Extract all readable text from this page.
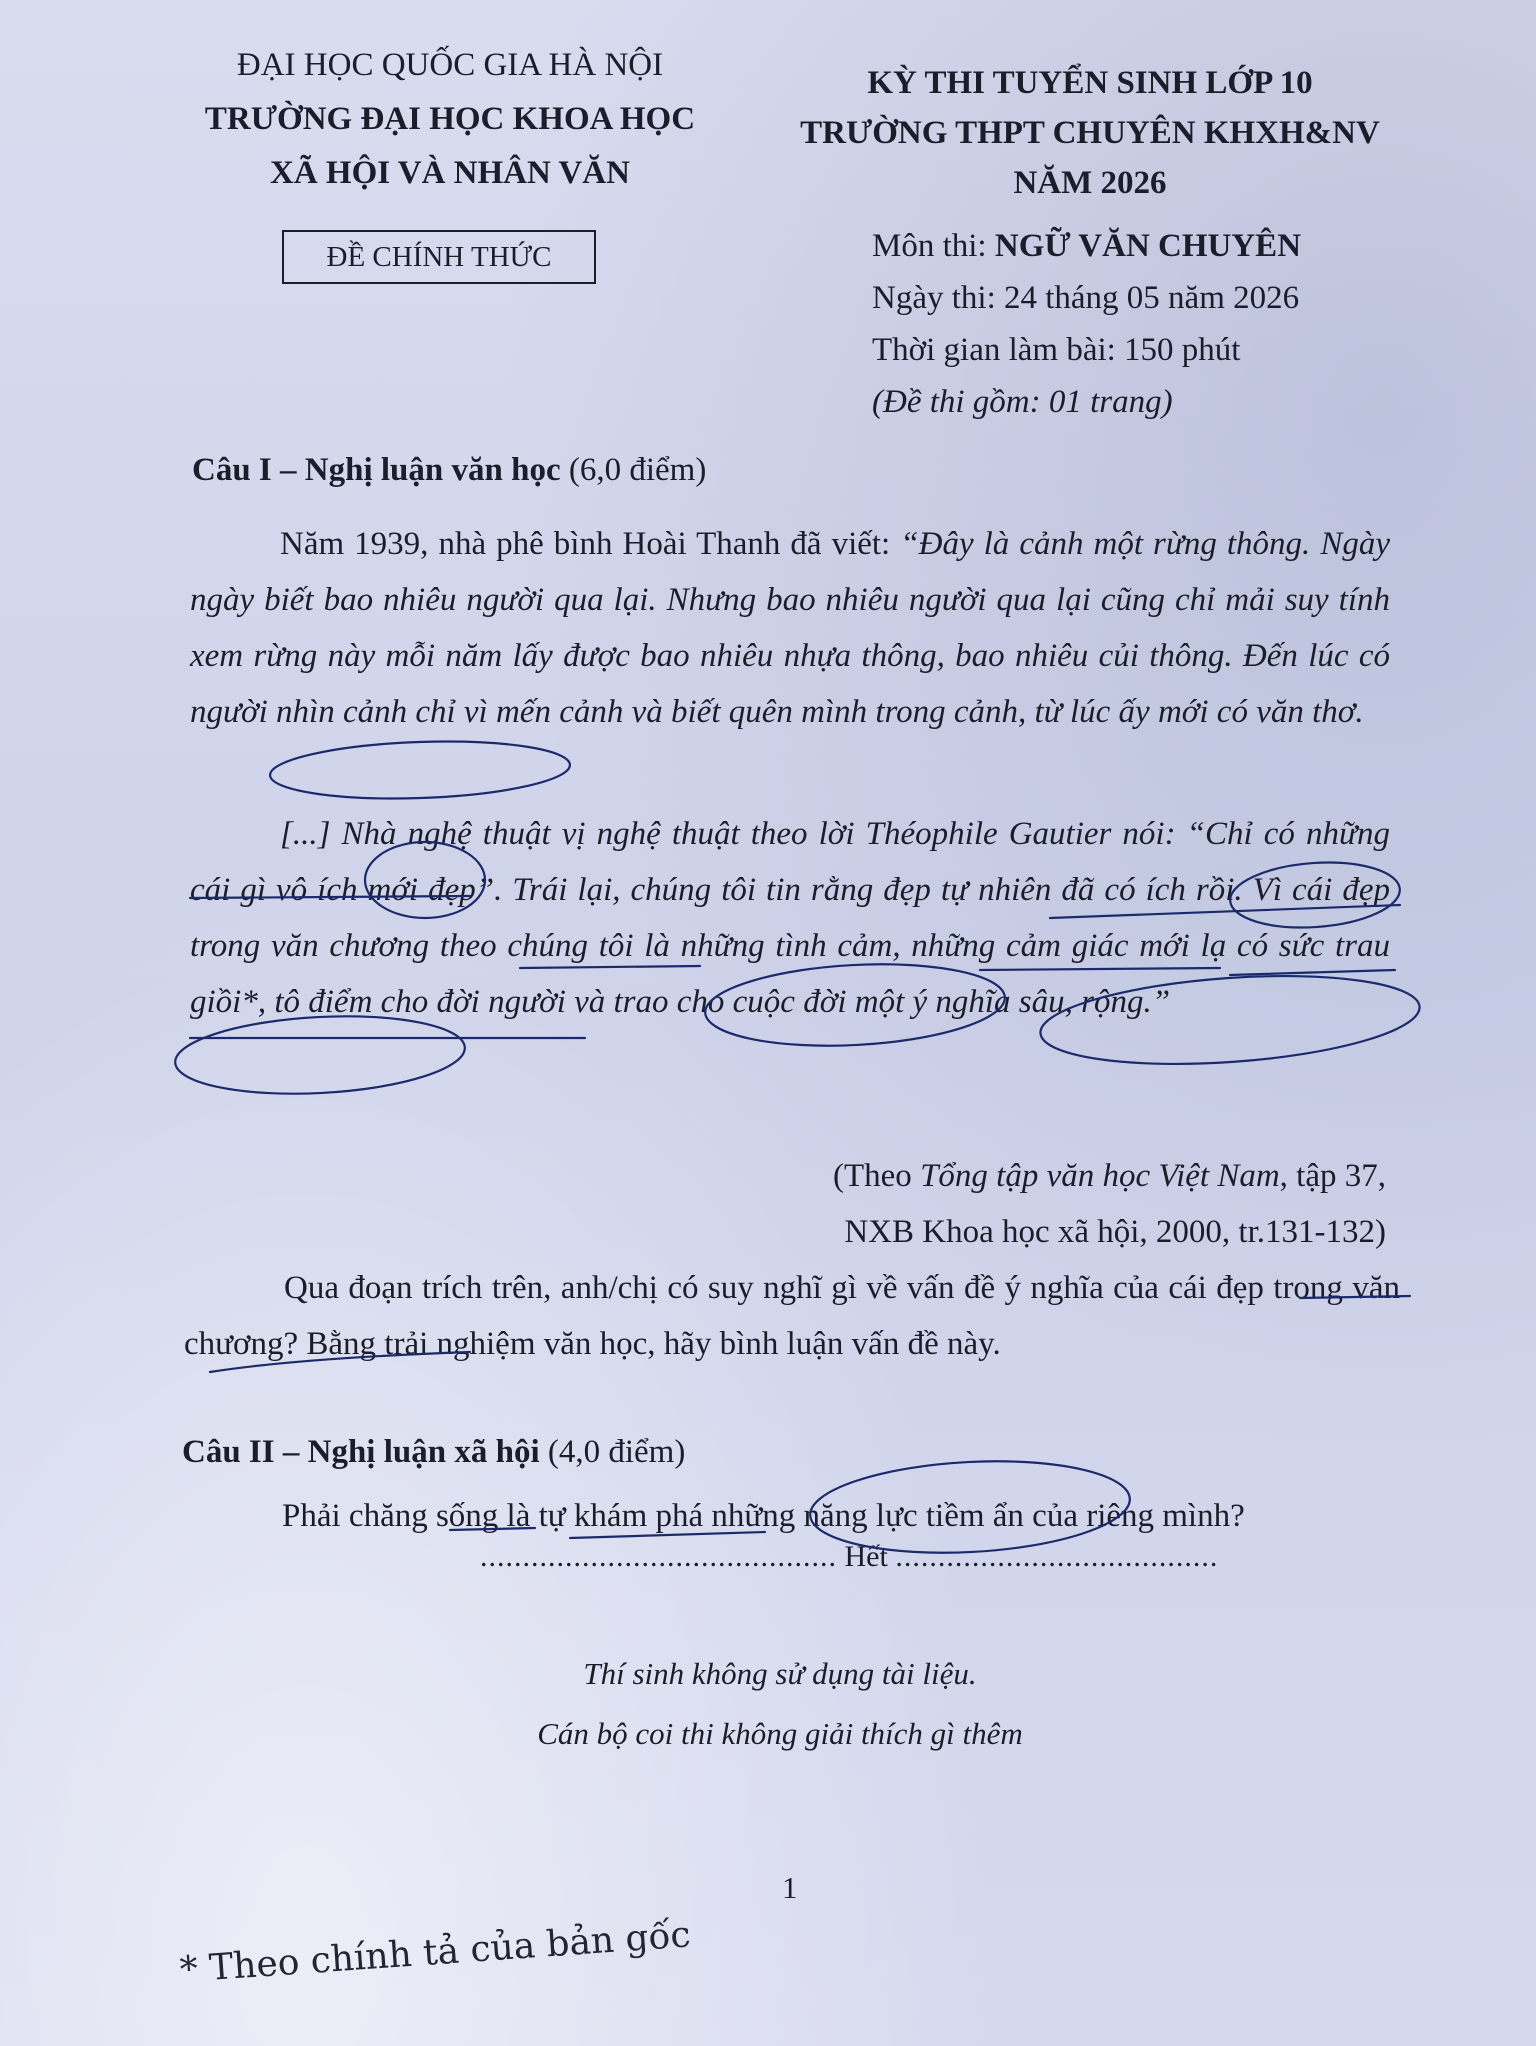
ĐẠI HỌC QUỐC GIA HÀ NỘI
TRƯỜNG ĐẠI HỌC KHOA HỌC
XÃ HỘI VÀ NHÂN VĂN
ĐỀ CHÍNH THỨC
KỲ THI TUYỂN SINH LỚP 10
TRƯỜNG THPT CHUYÊN KHXH&NV
NĂM 2026
Môn thi: NGỮ VĂN CHUYÊN
Ngày thi: 24 tháng 05 năm 2026
Thời gian làm bài: 150 phút
(Đề thi gồm: 01 trang)
Câu I – Nghị luận văn học (6,0 điểm)
Năm 1939, nhà phê bình Hoài Thanh đã viết: “Đây là cảnh một rừng thông. Ngày ngày biết bao nhiêu người qua lại. Nhưng bao nhiêu người qua lại cũng chỉ mải suy tính xem rừng này mỗi năm lấy được bao nhiêu nhựa thông, bao nhiêu củi thông. Đến lúc có người nhìn cảnh chỉ vì mến cảnh và biết quên mình trong cảnh, từ lúc ấy mới có văn thơ.
[...] Nhà nghệ thuật vị nghệ thuật theo lời Théophile Gautier nói: “Chỉ có những cái gì vô ích mới đẹp”. Trái lại, chúng tôi tin rằng đẹp tự nhiên đã có ích rồi. Vì cái đẹp trong văn chương theo chúng tôi là những tình cảm, những cảm giác mới lạ có sức trau giồi*, tô điểm cho đời người và trao cho cuộc đời một ý nghĩa sâu, rộng.”
(Theo Tổng tập văn học Việt Nam, tập 37,
NXB Khoa học xã hội, 2000, tr.131-132)
Qua đoạn trích trên, anh/chị có suy nghĩ gì về vấn đề ý nghĩa của cái đẹp trong văn chương? Bằng trải nghiệm văn học, hãy bình luận vấn đề này.
Câu II – Nghị luận xã hội (4,0 điểm)
Phải chăng sống là tự khám phá những năng lực tiềm ẩn của riêng mình?
.......................................... Hết ......................................
Thí sinh không sử dụng tài liệu.
Cán bộ coi thi không giải thích gì thêm
1
* Theo chính tả của bản gốc
